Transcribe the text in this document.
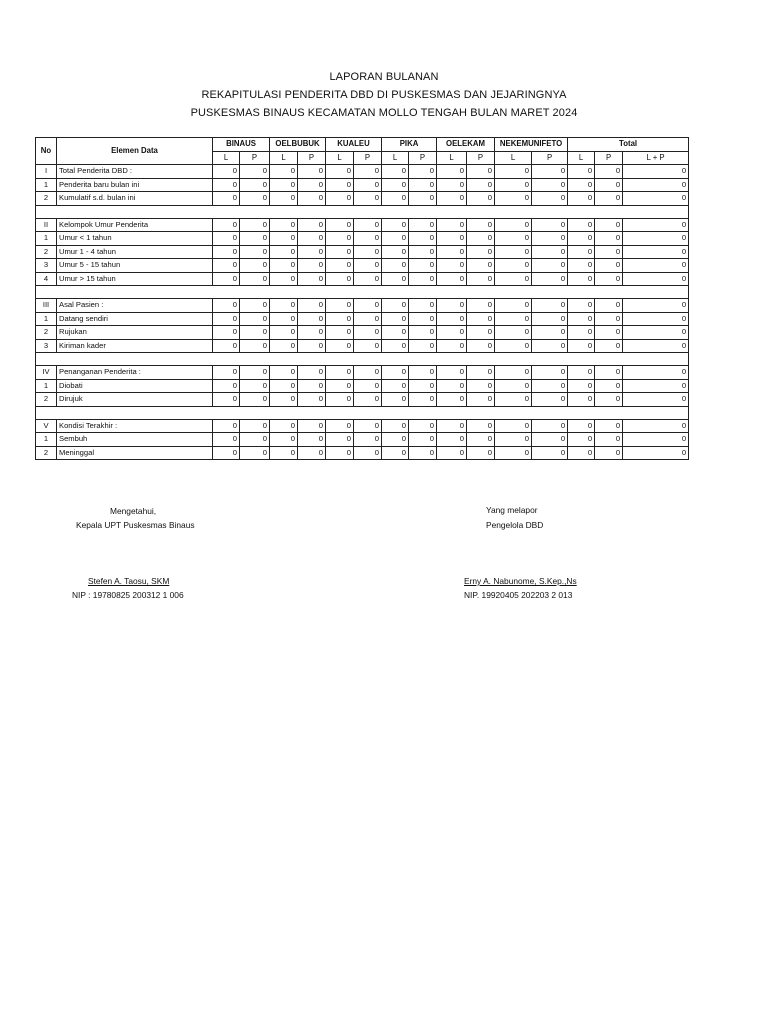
LAPORAN BULANAN
REKAPITULASI PENDERITA DBD DI PUSKESMAS DAN JEJARINGNYA
PUSKESMAS BINAUS KECAMATAN MOLLO TENGAH BULAN MARET 2024
No	Elemen Data	BINAUS		OELBUBUK		KUALEU		PIKA		OELEKAM		NEKEMUNIFETO		Total		
		L	P	L	P	L	P	L	P	L	P	L	P	L	P	L + P
I	Total Penderita DBD :	0	0	0	0	0	0	0	0	0	0	0	0	0	0	0
1	Penderita baru bulan ini	0	0	0	0	0	0	0	0	0	0	0	0	0	0	0
2	Kumulatif s.d. bulan ini	0	0	0	0	0	0	0	0	0	0	0	0	0	0	0

II	Kelompok Umur Penderita	0	0	0	0	0	0	0	0	0	0	0	0	0	0	0
1	Umur < 1 tahun	0	0	0	0	0	0	0	0	0	0	0	0	0	0	0
2	Umur 1 - 4 tahun	0	0	0	0	0	0	0	0	0	0	0	0	0	0	0
3	Umur 5 - 15 tahun	0	0	0	0	0	0	0	0	0	0	0	0	0	0	0
4	Umur > 15 tahun	0	0	0	0	0	0	0	0	0	0	0	0	0	0	0

III	Asal Pasien :	0	0	0	0	0	0	0	0	0	0	0	0	0	0	0
1	Datang sendiri	0	0	0	0	0	0	0	0	0	0	0	0	0	0	0
2	Rujukan	0	0	0	0	0	0	0	0	0	0	0	0	0	0	0
3	Kiriman kader	0	0	0	0	0	0	0	0	0	0	0	0	0	0	0

IV	Penanganan Penderita :	0	0	0	0	0	0	0	0	0	0	0	0	0	0	0
1	Diobati	0	0	0	0	0	0	0	0	0	0	0	0	0	0	0
2	Dirujuk	0	0	0	0	0	0	0	0	0	0	0	0	0	0	0

V	Kondisi Terakhir :	0	0	0	0	0	0	0	0	0	0	0	0	0	0	0
1	Sembuh	0	0	0	0	0	0	0	0	0	0	0	0	0	0	0
2	Meninggal	0	0	0	0	0	0	0	0	0	0	0	0	0	0	0
Mengetahui,
Kepala UPT Puskesmas Binaus
Stefen A. Taosu, SKM
NIP : 19780825 200312 1 006
Yang melapor
Pengelola DBD
Erny A. Nabunome, S.Kep.,Ns
NIP. 19920405 202203 2 013
